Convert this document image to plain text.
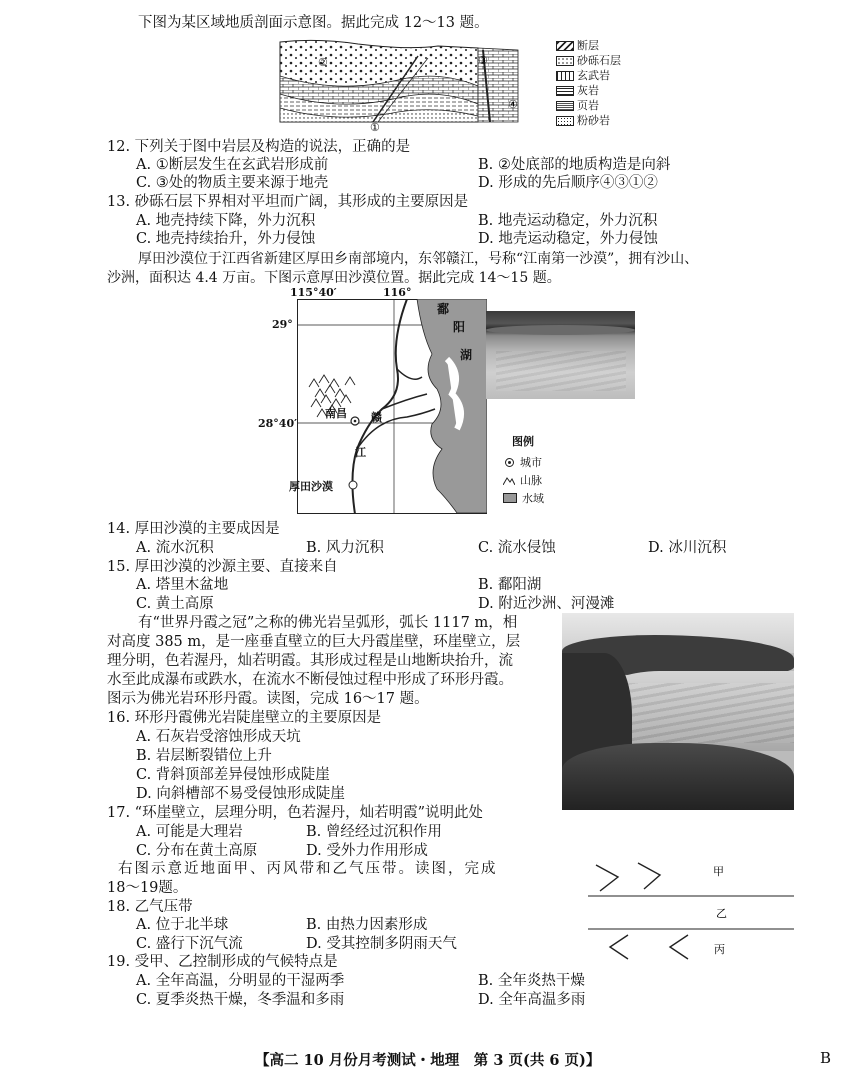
下图为某区域地质剖面示意图。据此完成 12～13 题。
②	③
④
①
断层
砂砾石层
玄武岩
灰岩
页岩
粉砂岩
12. 下列关于图中岩层及构造的说法，正确的是
A. ①断层发生在玄武岩形成前	B. ②处底部的地质构造是向斜
C. ③处的物质主要来源于地壳	D. 形成的先后顺序④③①②
13. 砂砾石层下界相对平坦而广阔，其形成的主要原因是
A. 地壳持续下降，外力沉积	B. 地壳运动稳定，外力沉积
C. 地壳持续抬升，外力侵蚀	D. 地壳运动稳定，外力侵蚀
厚田沙漠位于江西省新建区厚田乡南部境内，东邻赣江，号称“江南第一沙漠”，拥有沙山、
沙洲，面积达 4.4 万亩。下图示意厚田沙漠位置。据此完成 14～15 题。
115°40′	116°
29°
28°40′
鄱
阳
湖
南昌 赣
江
厚田沙漠
图例
城市
山脉
水域
14. 厚田沙漠的主要成因是
A. 流水沉积	B. 风力沉积	C. 流水侵蚀	D. 冰川沉积
15. 厚田沙漠的沙源主要、直接来自
A. 塔里木盆地	B. 鄱阳湖
C. 黄土高原	D. 附近沙洲、河漫滩
有“世界丹霞之冠”之称的佛光岩呈弧形，弧长 1117 m，相
对高度 385 m，是一座垂直壁立的巨大丹霞崖壁，环崖壁立，层
理分明，色若渥丹，灿若明霞。其形成过程是山地断块抬升，流
水至此成瀑布或跌水，在流水不断侵蚀过程中形成了环形丹霞。
图示为佛光岩环形丹霞。读图，完成 16～17 题。
16. 环形丹霞佛光岩陡崖壁立的主要原因是
A. 石灰岩受溶蚀形成天坑
B. 岩层断裂错位上升
C. 背斜顶部差异侵蚀形成陡崖
D. 向斜槽部不易受侵蚀形成陡崖
17. “环崖壁立，层理分明，色若渥丹，灿若明霞”说明此处
A. 可能是大理岩	B. 曾经经过沉积作用
C. 分布在黄土高原	D. 受外力作用形成
右图示意近地面甲、丙风带和乙气压带。读图，完成
18～19题。
甲
乙
丙
18. 乙气压带
A. 位于北半球	B. 由热力因素形成
C. 盛行下沉气流	D. 受其控制多阴雨天气
19. 受甲、乙控制形成的气候特点是
A. 全年高温，分明显的干湿两季	B. 全年炎热干燥
C. 夏季炎热干燥，冬季温和多雨	D. 全年高温多雨
【高二 10 月份月考测试・地理　第 3 页(共 6 页)】	B
